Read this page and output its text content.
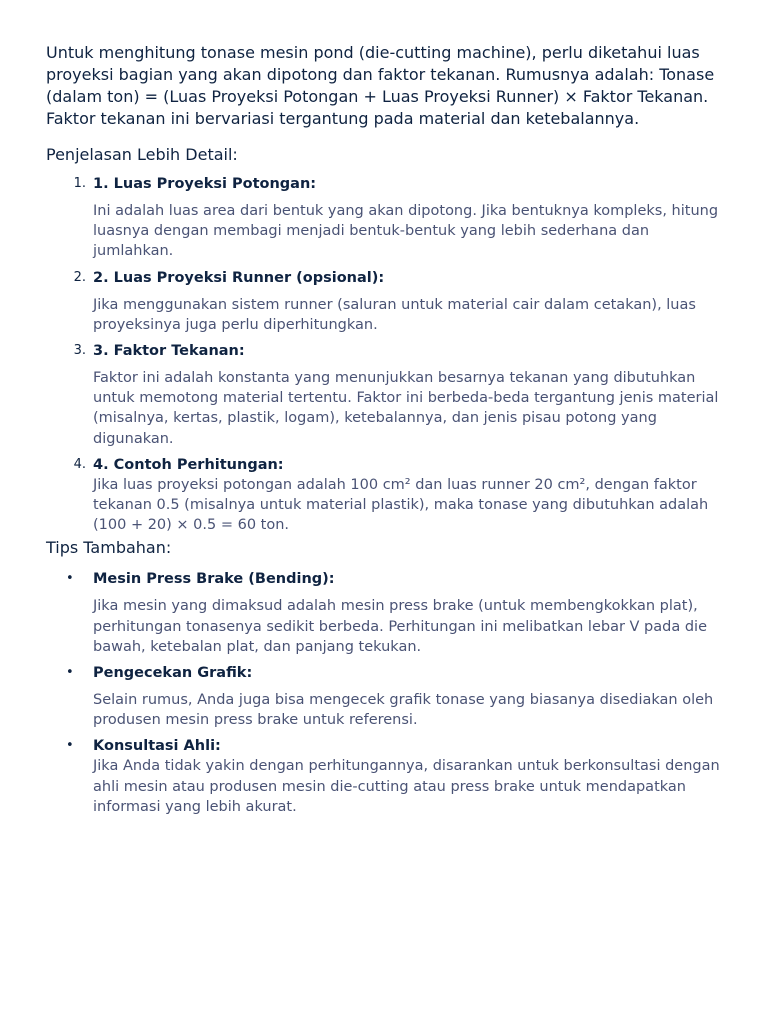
Untuk menghitung tonase mesin pond (die-cutting machine), perlu diketahui luas proyeksi bagian yang akan dipotong dan faktor tekanan. Rumusnya adalah: Tonase (dalam ton) = (Luas Proyeksi Potongan + Luas Proyeksi Runner) × Faktor Tekanan. Faktor tekanan ini bervariasi tergantung pada material dan ketebalannya.

Penjelasan Lebih Detail:
1. 1. Luas Proyeksi Potongan:
Ini adalah luas area dari bentuk yang akan dipotong. Jika bentuknya kompleks, hitung luasnya dengan membagi menjadi bentuk-bentuk yang lebih sederhana dan jumlahkan.
2. 2. Luas Proyeksi Runner (opsional):
Jika menggunakan sistem runner (saluran untuk material cair dalam cetakan), luas proyeksinya juga perlu diperhitungkan.
3. 3. Faktor Tekanan:
Faktor ini adalah konstanta yang menunjukkan besarnya tekanan yang dibutuhkan untuk memotong material tertentu. Faktor ini berbeda-beda tergantung jenis material (misalnya, kertas, plastik, logam), ketebalannya, dan jenis pisau potong yang digunakan.
4. 4. Contoh Perhitungan:
Jika luas proyeksi potongan adalah 100 cm² dan luas runner 20 cm², dengan faktor tekanan 0.5 (misalnya untuk material plastik), maka tonase yang dibutuhkan adalah (100 + 20) × 0.5 = 60 ton.
Tips Tambahan:
• Mesin Press Brake (Bending):
Jika mesin yang dimaksud adalah mesin press brake (untuk membengkokkan plat), perhitungan tonasenya sedikit berbeda. Perhitungan ini melibatkan lebar V pada die bawah, ketebalan plat, dan panjang tekukan.
• Pengecekan Grafik:
Selain rumus, Anda juga bisa mengecek grafik tonase yang biasanya disediakan oleh produsen mesin press brake untuk referensi.
• Konsultasi Ahli:
Jika Anda tidak yakin dengan perhitungannya, disarankan untuk berkonsultasi dengan ahli mesin atau produsen mesin die-cutting atau press brake untuk mendapatkan informasi yang lebih akurat.
